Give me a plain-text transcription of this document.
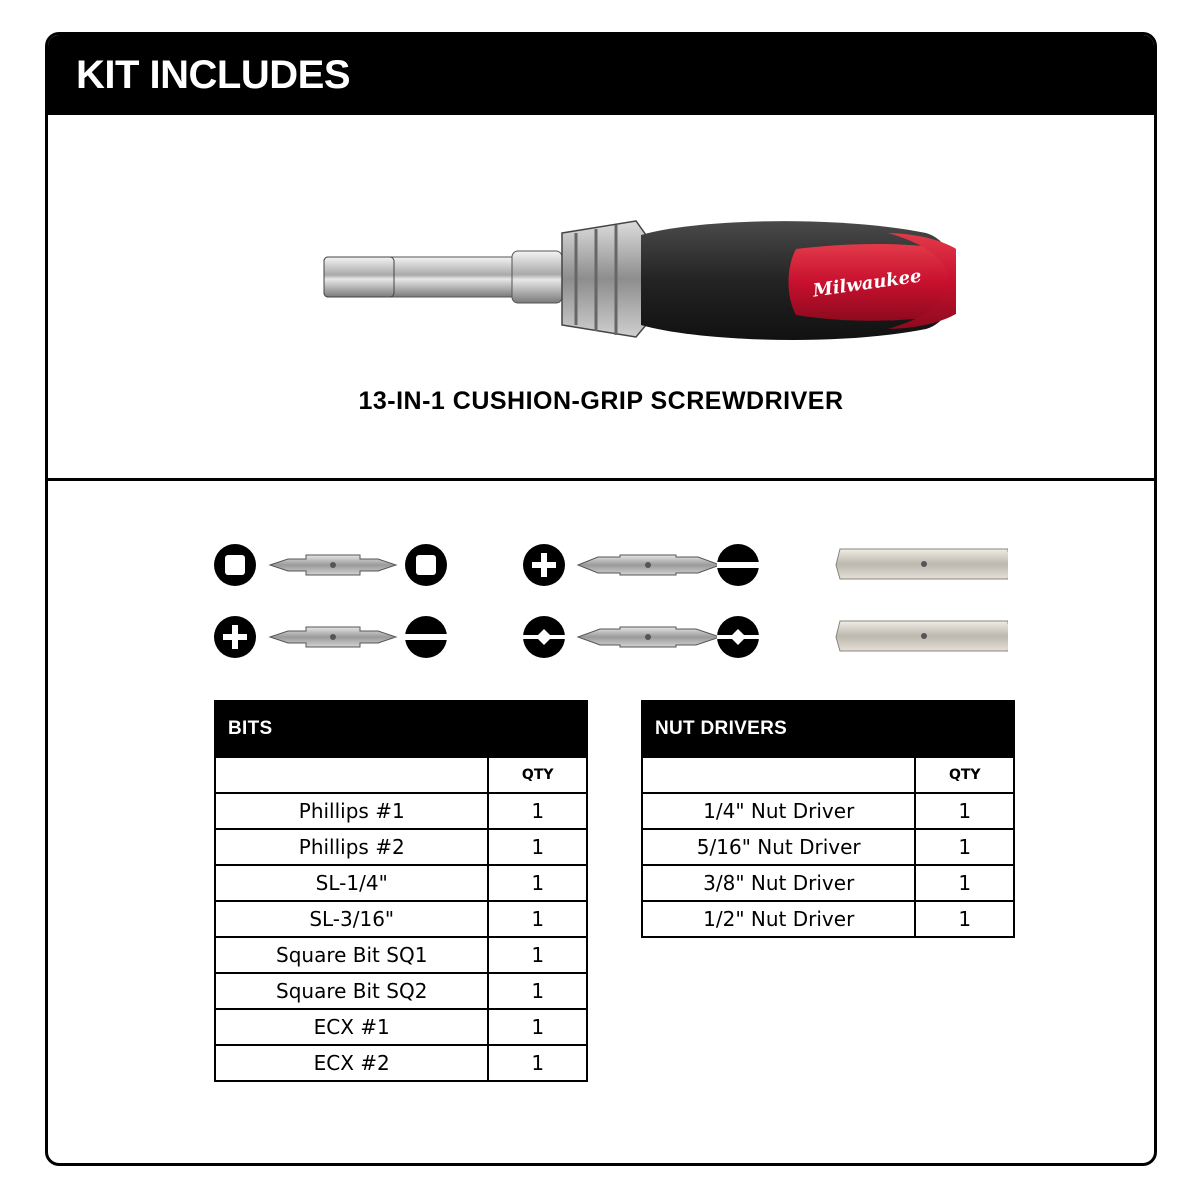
KIT INCLUDES
Milwaukee
13-IN-1 CUSHION-GRIP SCREWDRIVER
BITS	
	QTY
Phillips #1	1
Phillips #2	1
SL-1/4"	1
SL-3/16"	1
Square Bit SQ1	1
Square Bit SQ2	1
ECX #1	1
ECX #2	1
NUT DRIVERS	
	QTY
1/4" Nut Driver	1
5/16" Nut Driver	1
3/8" Nut Driver	1
1/2" Nut Driver	1
